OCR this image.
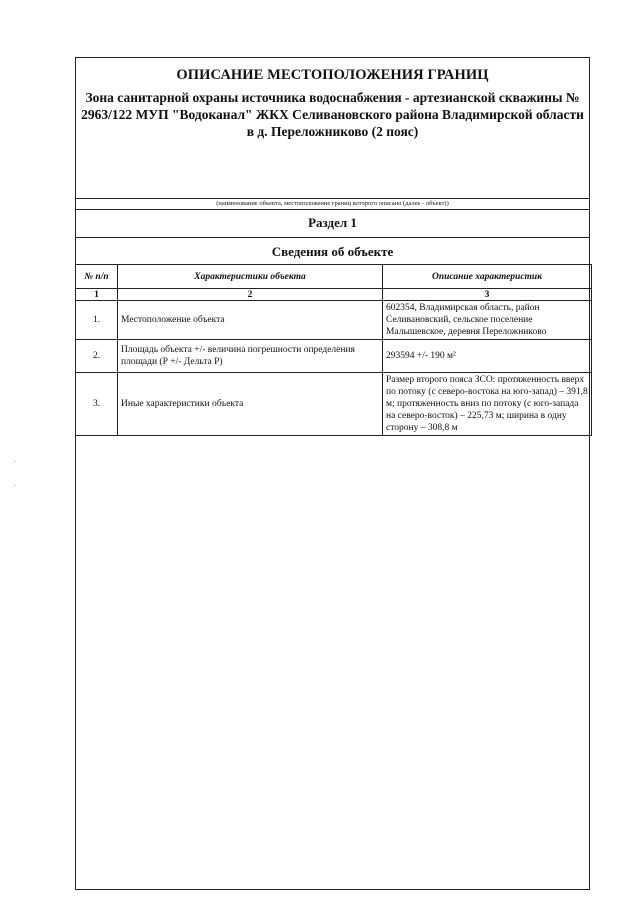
ОПИСАНИЕ МЕСТОПОЛОЖЕНИЯ ГРАНИЦ
Зона санитарной охраны источника водоснабжения - артезианской скважины №
2963/122 МУП "Водоканал" ЖКХ Селивановского района Владимирской области
в д. Переложниково (2 пояс)
(наименование объекта, местоположение границ которого описано (далее - объект))
Раздел 1
Сведения об объекте
№ п/п	Характеристики объекта	Описание характеристик
1	2	3
1.	Местоположение объекта	602354, Владимирская область, район Селивановский, сельское поселение Малышевское, деревня Переложниково
2.	Площадь объекта +/- величина погрешности определения площади (Р +/- Дельта Р)	293594 +/- 190 м²
3.	Иные характеристики объекта	Размер второго пояса ЗСО: протяженность вверх по потоку (с северо-востока на юго-запад) – 391,8 м; протяженность вниз по потоку (с юго-запада на северо-восток) – 225,73 м; ширина в одну сторону – 308,8 м
·
·
